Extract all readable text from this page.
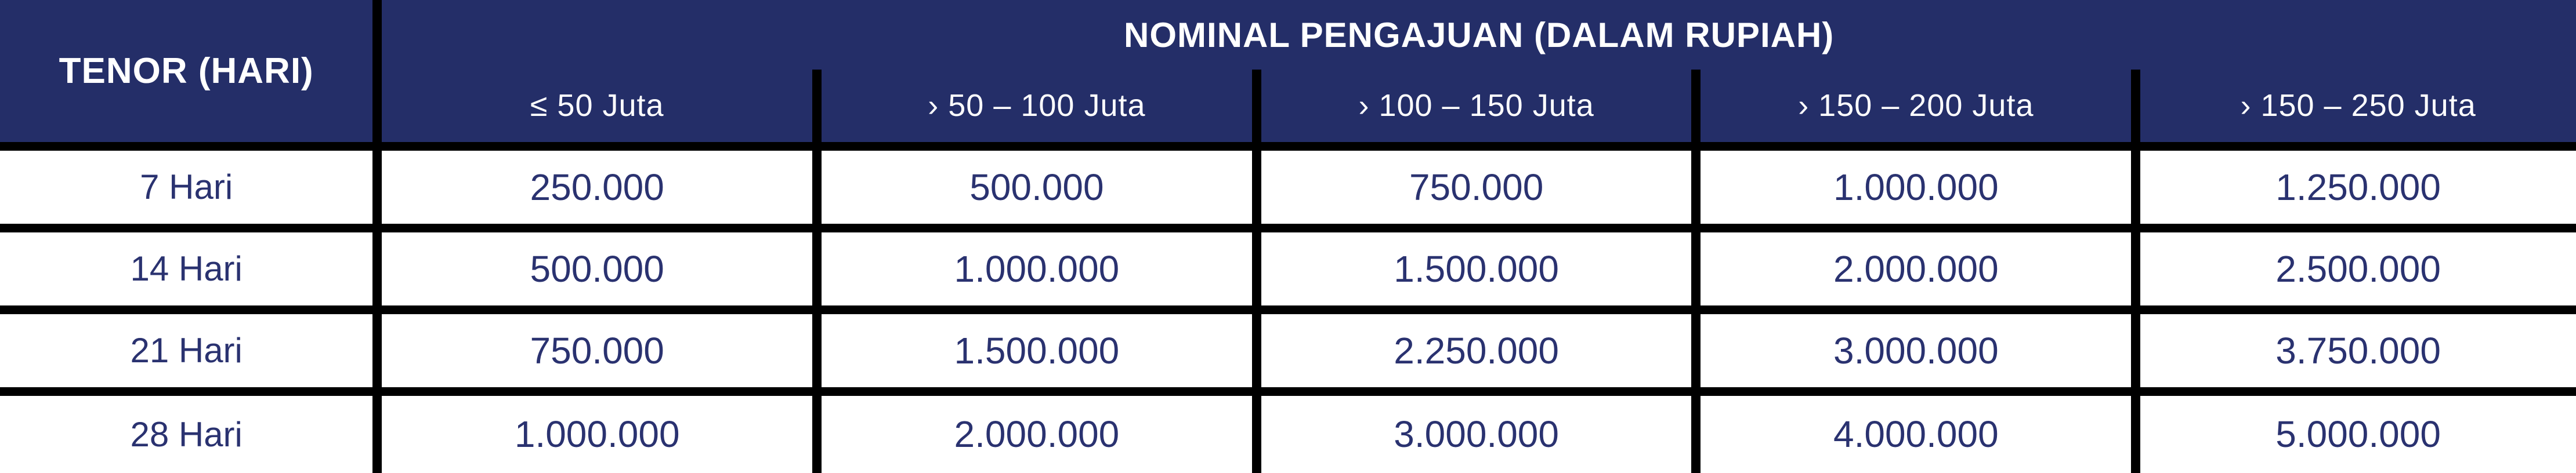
TENOR (HARI)	NOMINAL PENGAJUAN (DALAM RUPIAH)				
	≤ 50 Juta	› 50 – 100 Juta	› 100 – 150 Juta	› 150 – 200 Juta	› 150 – 250 Juta
7 Hari	250.000	500.000	750.000	1.000.000	1.250.000
14 Hari	500.000	1.000.000	1.500.000	2.000.000	2.500.000
21 Hari	750.000	1.500.000	2.250.000	3.000.000	3.750.000
28 Hari	1.000.000	2.000.000	3.000.000	4.000.000	5.000.000
